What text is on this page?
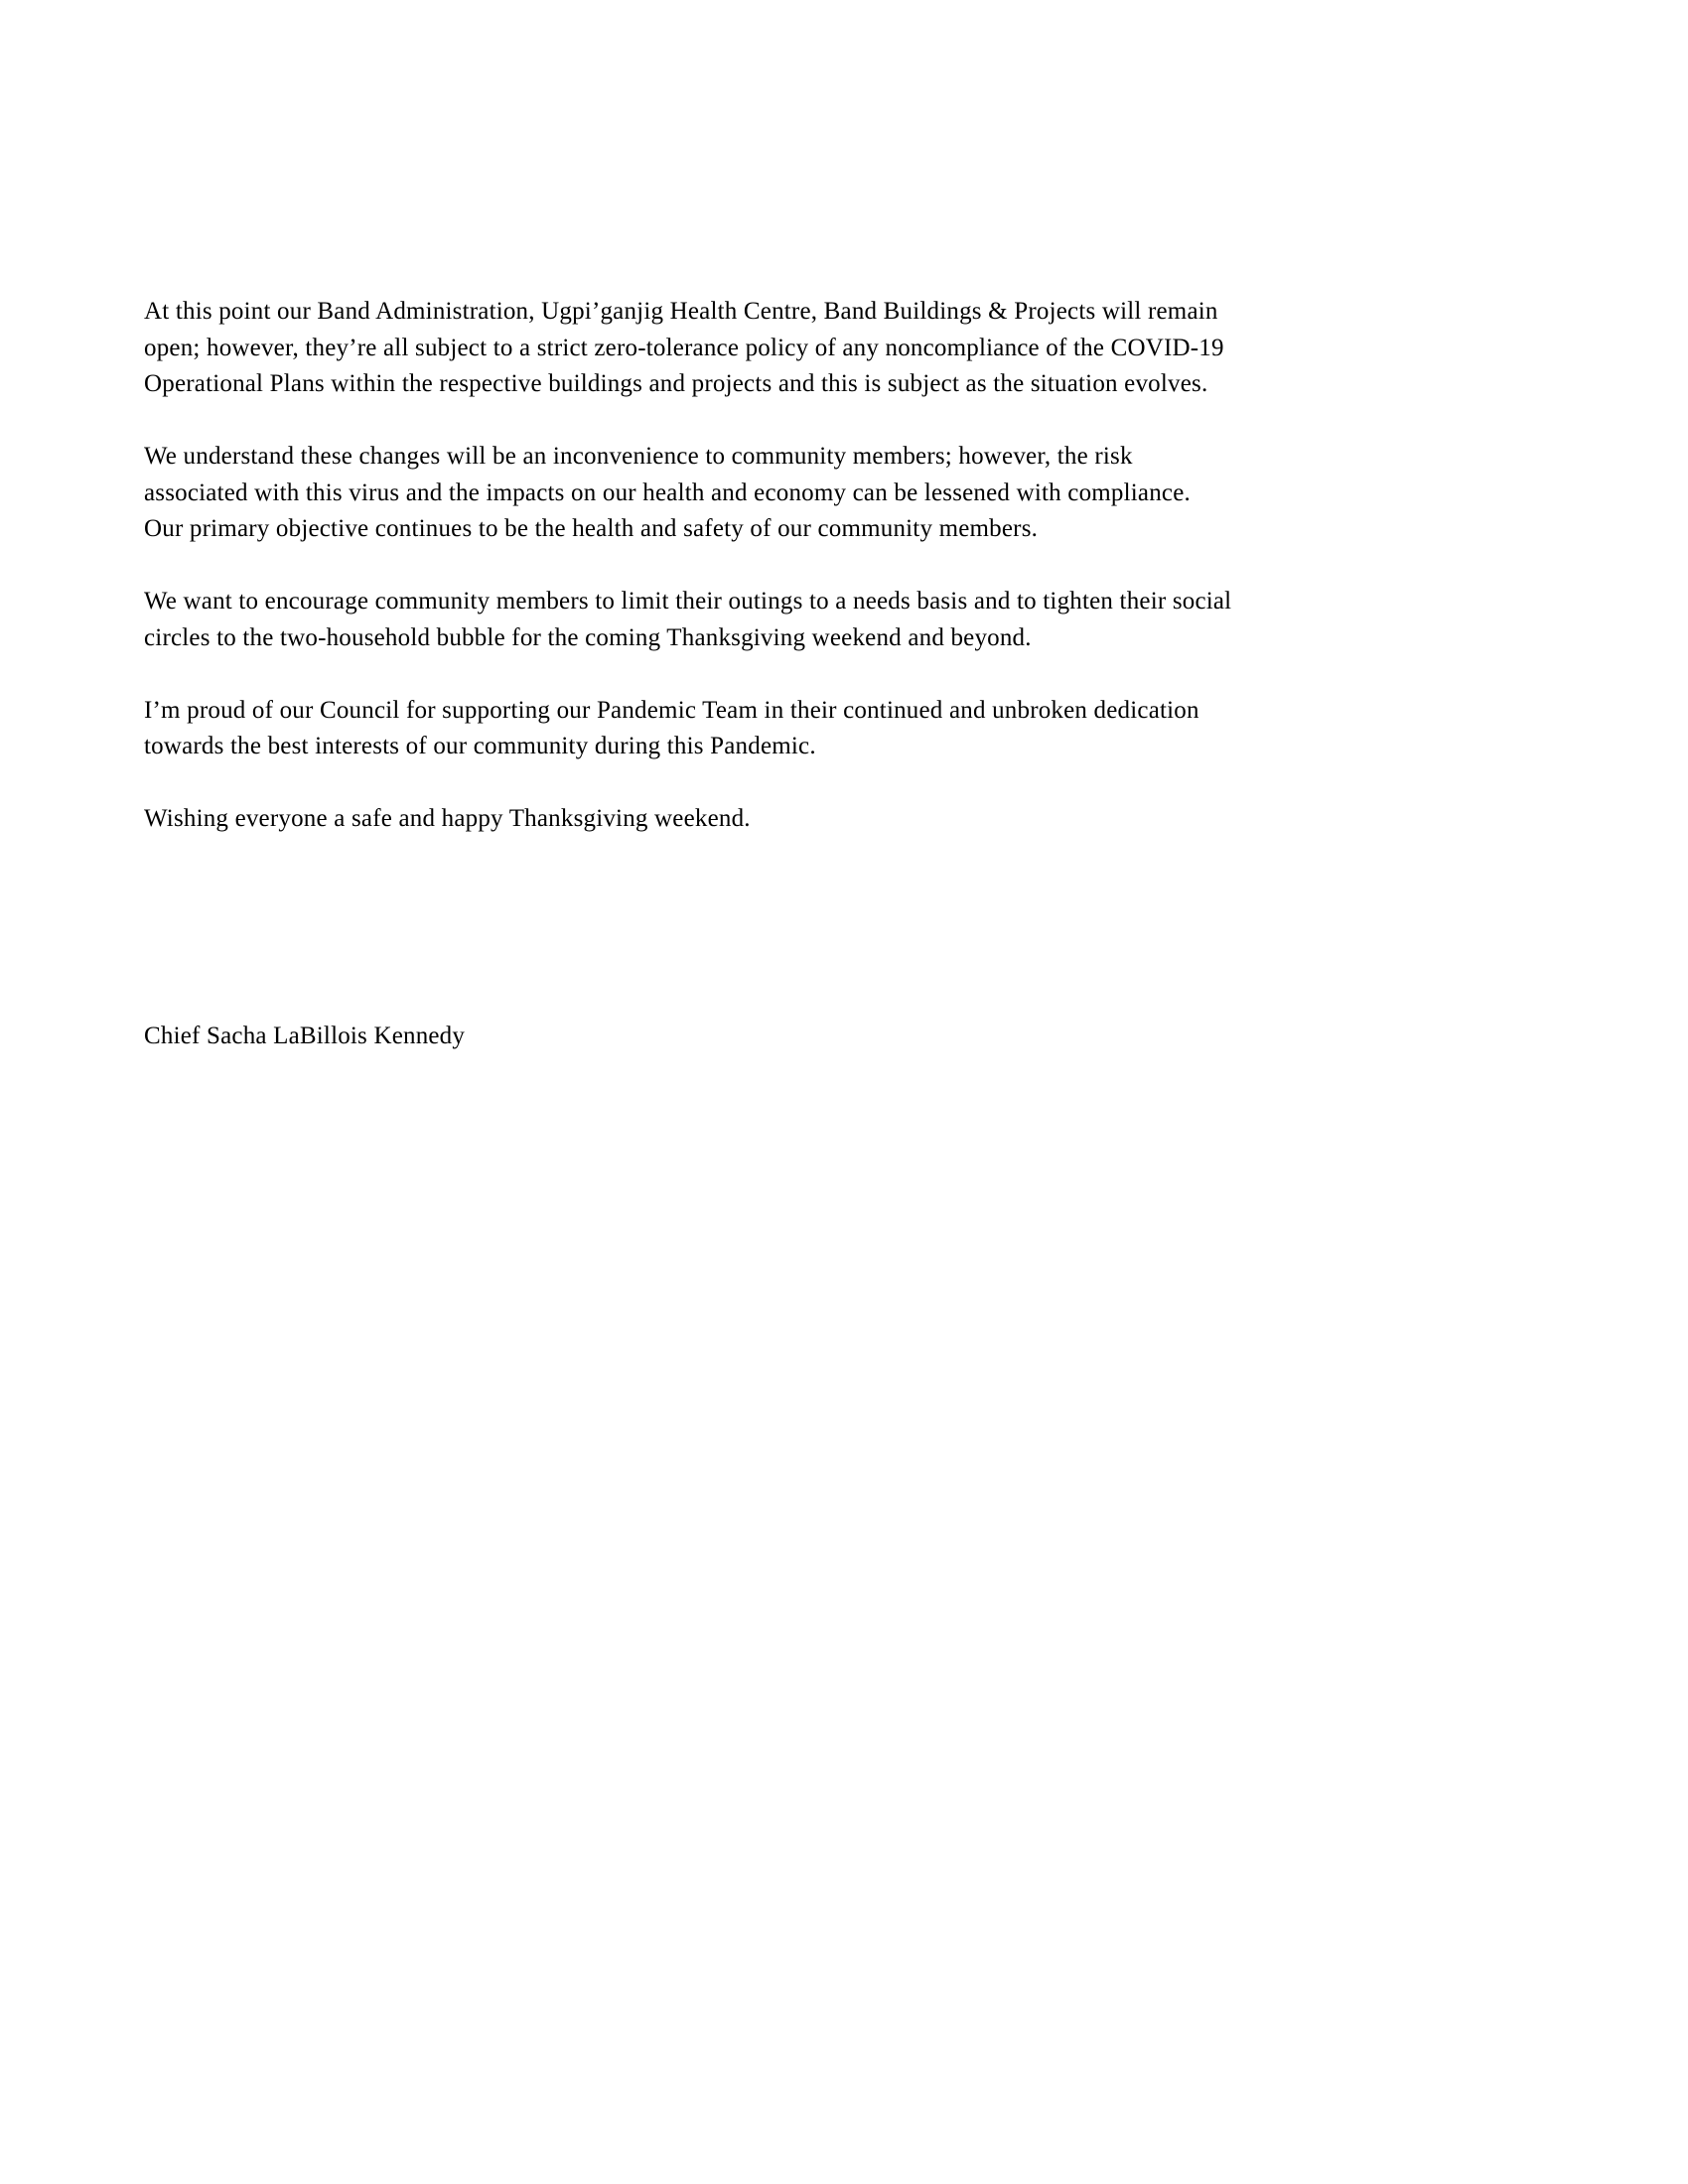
At this point our Band Administration, Ugpi’ganjig Health Centre, Band Buildings & Projects will remain
open; however, they’re all subject to a strict zero-tolerance policy of any noncompliance of the COVID-19
Operational Plans within the respective buildings and projects and this is subject as the situation evolves.

We understand these changes will be an inconvenience to community members; however, the risk
associated with this virus and the impacts on our health and economy can be lessened with compliance.
Our primary objective continues to be the health and safety of our community members.

We want to encourage community members to limit their outings to a needs basis and to tighten their social
circles to the two-household bubble for the coming Thanksgiving weekend and beyond.

I’m proud of our Council for supporting our Pandemic Team in their continued and unbroken dedication
towards the best interests of our community during this Pandemic.

Wishing everyone a safe and happy Thanksgiving weekend.

Chief Sacha LaBillois Kennedy
